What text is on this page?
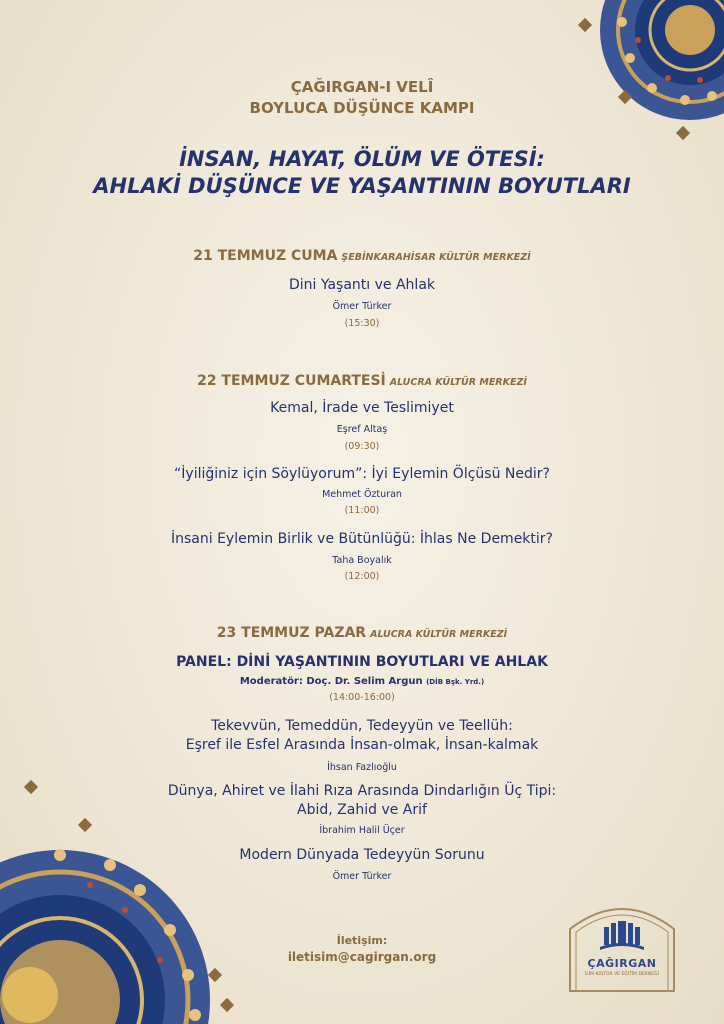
ÇAĞIRGAN-I VELÎ
BOYLUCA DÜŞÜNCE KAMPI
İNSAN, HAYAT, ÖLÜM VE ÖTESİ:
AHLAKİ DÜŞÜNCE VE YAŞANTININ BOYUTLARI
21 TEMMUZ CUMA ŞEBİNKARAHİSAR KÜLTÜR MERKEZİ
Dini Yaşantı ve Ahlak
Ömer Türker
(15:30)
22 TEMMUZ CUMARTESİ ALUCRA KÜLTÜR MERKEZİ
Kemal, İrade ve Teslimiyet
Eşref Altaş
(09:30)
“İyiliğiniz için Söylüyorum”: İyi Eylemin Ölçüsü Nedir?
Mehmet Özturan
(11:00)
İnsani Eylemin Birlik ve Bütünlüğü: İhlas Ne Demektir?
Taha Boyalık
(12:00)
23 TEMMUZ PAZAR ALUCRA KÜLTÜR MERKEZİ
PANEL: DİNİ YAŞANTININ BOYUTLARI VE AHLAK
Moderatör: Doç. Dr. Selim Argun (DİB Bşk. Yrd.)
(14:00-16:00)
Tekevvün, Temeddün, Tedeyyün ve Teellüh:
Eşref ile Esfel Arasında İnsan-olmak, İnsan-kalmak
İhsan Fazlıoğlu
Dünya, Ahiret ve İlahi Rıza Arasında Dindarlığın Üç Tipi:
Abid, Zahid ve Arif
İbrahim Halil Üçer
Modern Dünyada Tedeyyün Sorunu
Ömer Türker
İletişim:
iletisim@cagirgan.org	ÇAĞIRGAN
İLİM KÜLTÜR VE EĞİTİM DERNEĞİ
